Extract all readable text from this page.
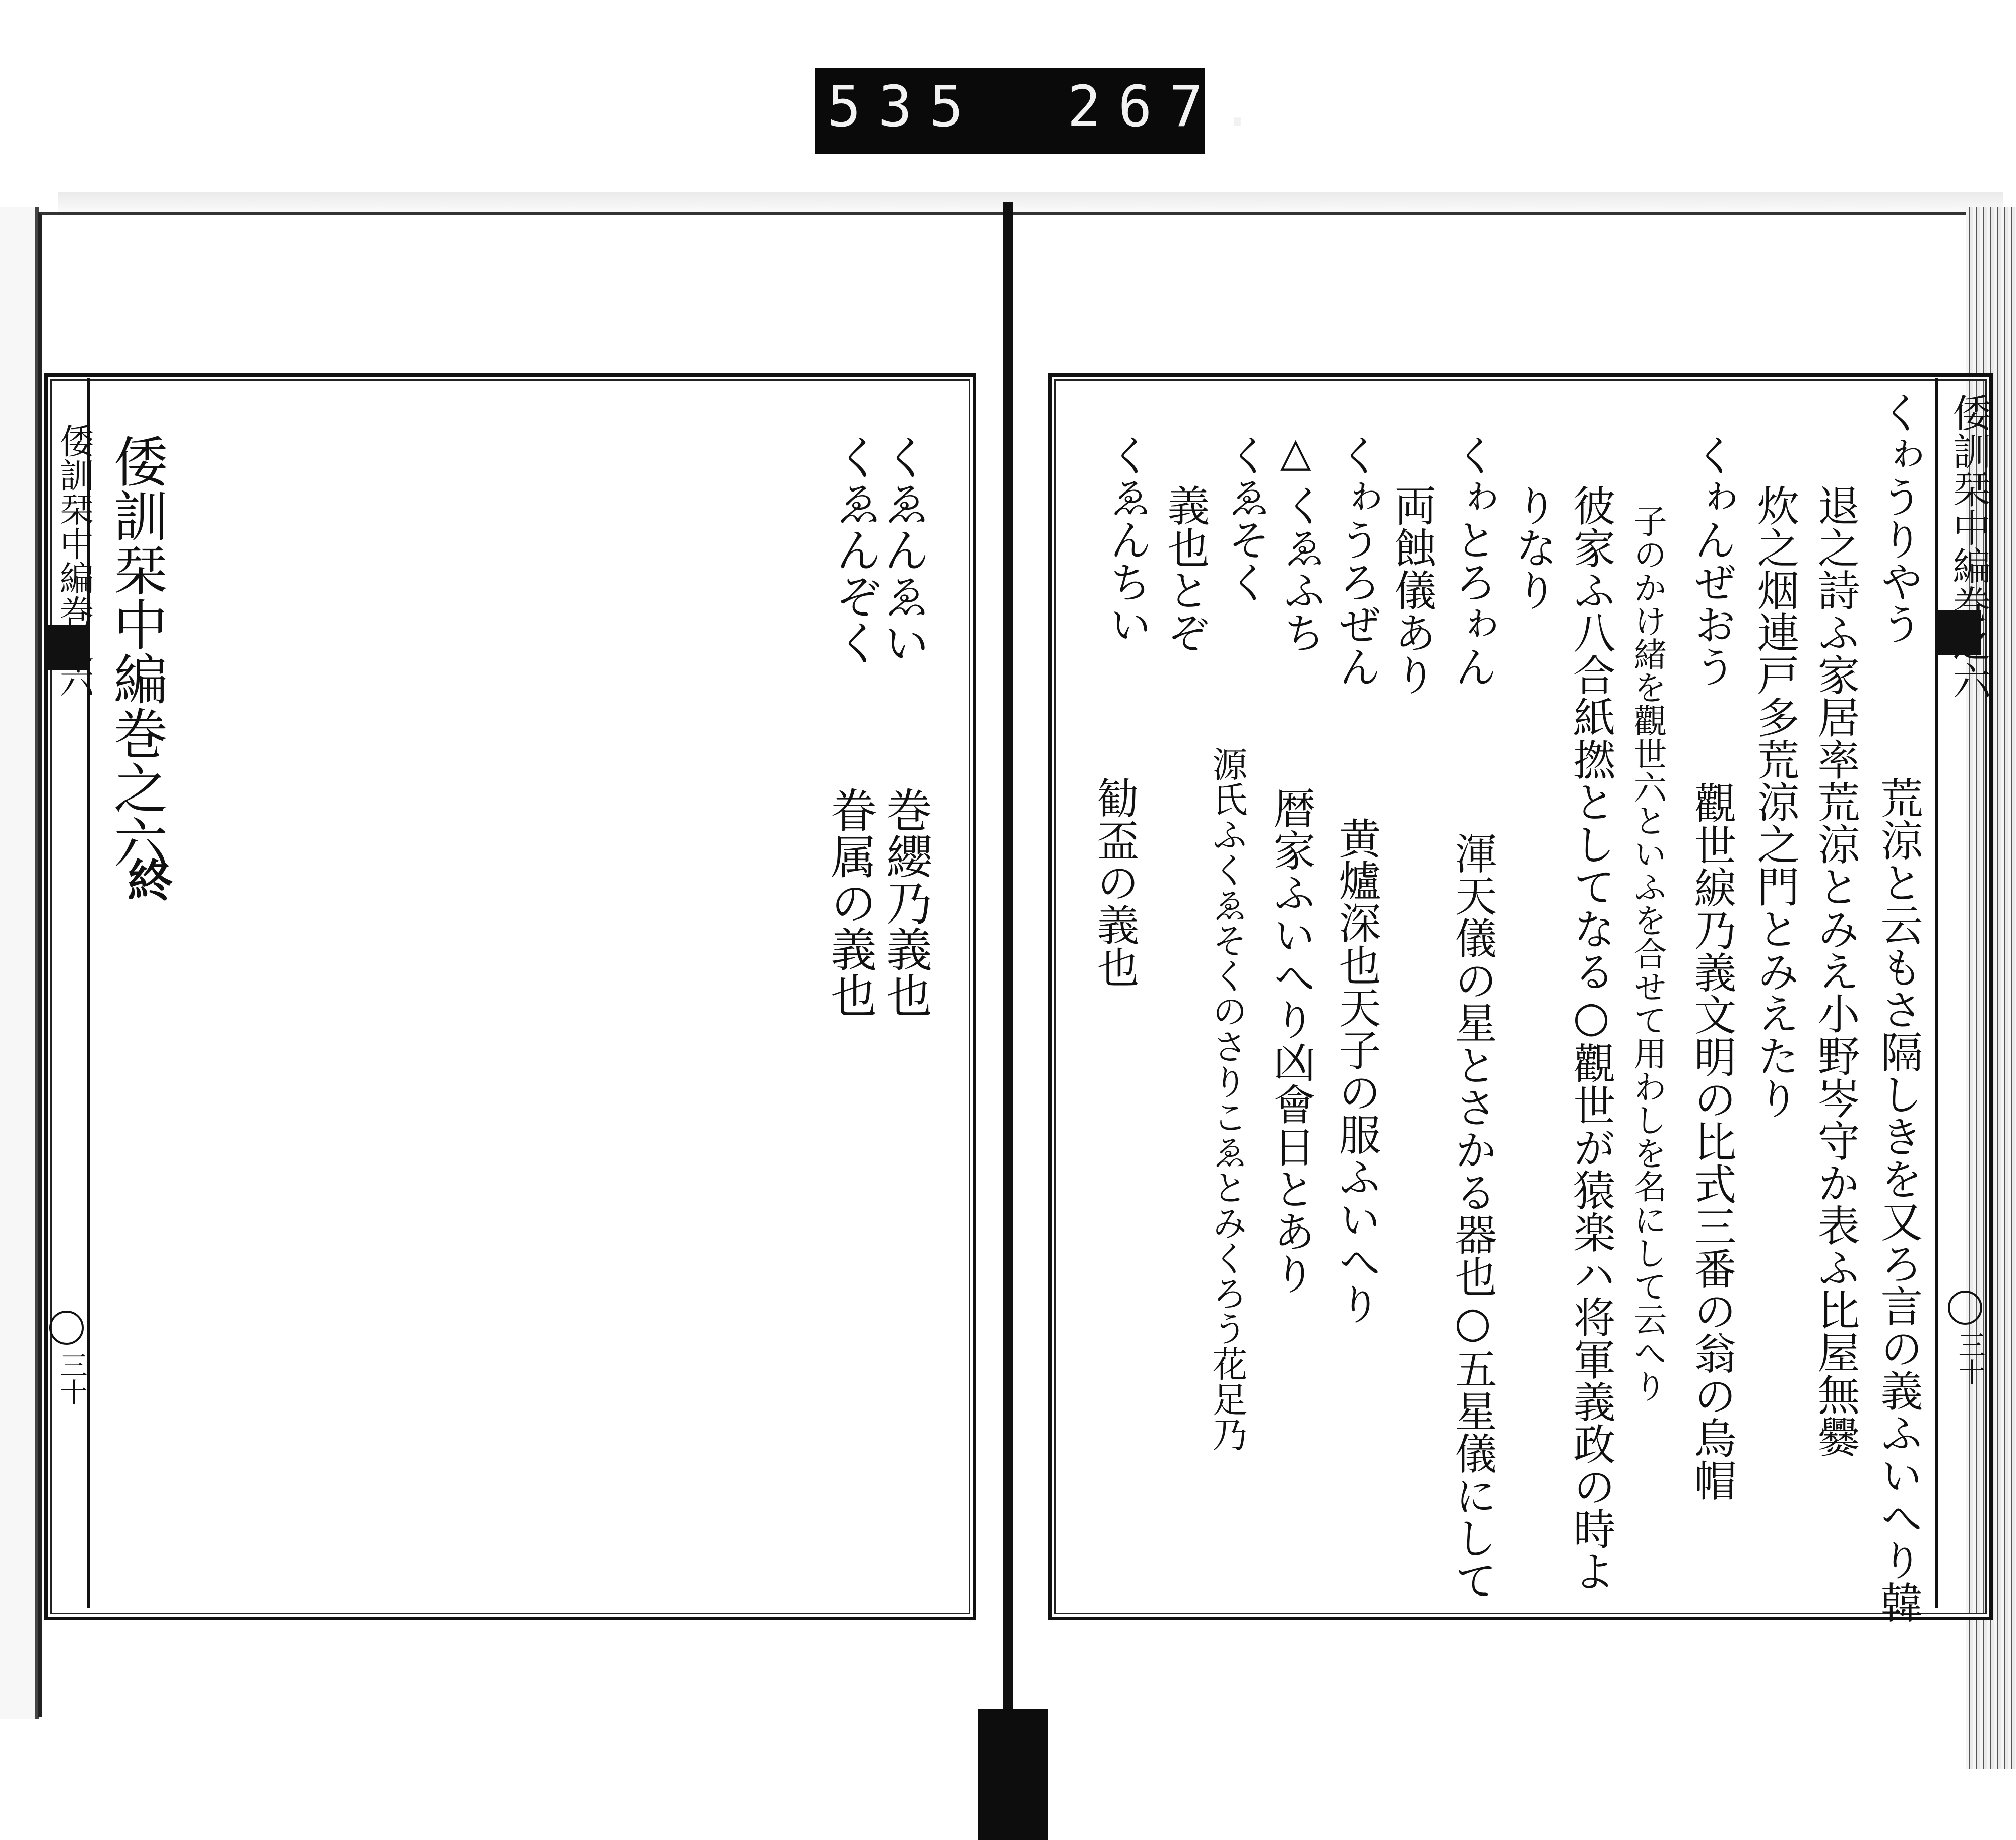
535 267.
倭訓栞中編巻之六
三十
倭訓栞中編巻之六
三十
くゑんゑい
くゑんぞく
巻纓乃義也
眷属の義也
倭訓栞中編巻之六
終
くゎうりやう
荒涼と云もさ隔しきを又ろ言の義ふいへり韓
退之詩ふ家居率荒涼とみえ小野岑守か表ふ比屋無爨
炊之烟連戸多荒涼之門とみえたり
くゎんぜおう
觀世綟乃義文明の比式三番の翁の烏帽
子のかけ緒を觀世六といふを合せて用わしを名にして云へり
彼家ふ八合紙撚としてなる○觀世が猿楽ハ将軍義政の時よ
りなり
くゎとろゎん
渾天儀の星とさかる器也○五星儀にして
両蝕儀あり
くゎうろぜん
黄爐深也天子の服ふいへり
くゑふち
暦家ふいへり凶會日とあり
くゑそく
源氏ふくゑそくのさりこゑとみくろう花足乃
義也とぞ
くゑんちい
勧盃の義也
△
